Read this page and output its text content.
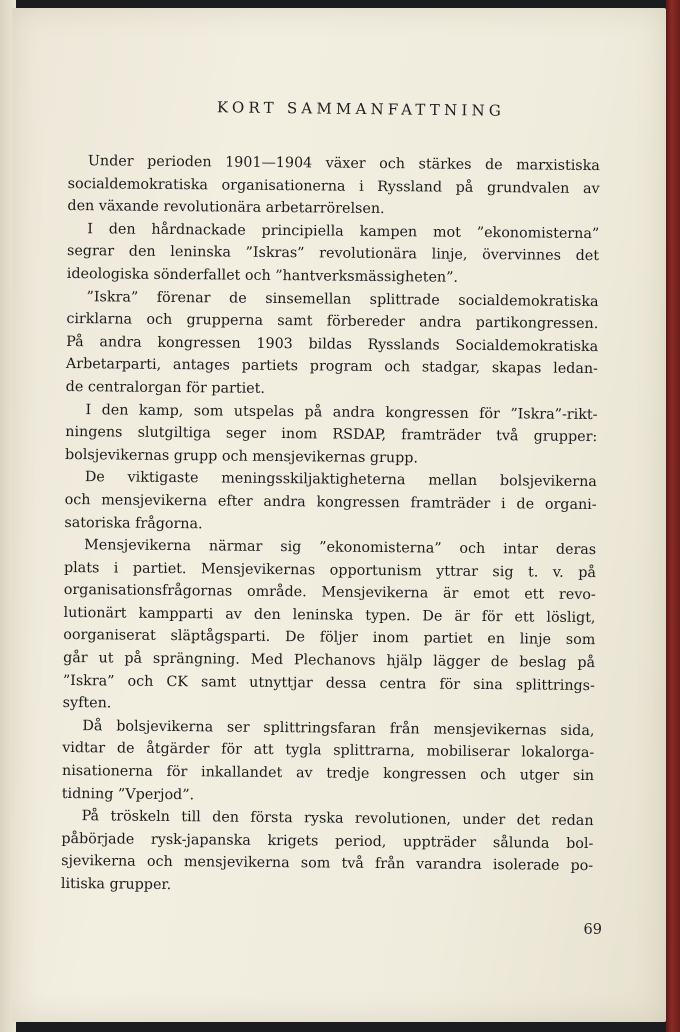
KORT SAMMANFATTNING
Under perioden 1901—1904 växer och stärkes de marxistiska
socialdemokratiska organisationerna i Ryssland på grundvalen av
den växande revolutionära arbetarrörelsen.
I den hårdnackade principiella kampen mot ”ekonomisterna”
segrar den leninska ”Iskras” revolutionära linje, övervinnes det
ideologiska sönderfallet och ”hantverksmässigheten”.
”Iskra” förenar de sinsemellan splittrade socialdemokratiska
cirklarna och grupperna samt förbereder andra partikongressen.
På andra kongressen 1903 bildas Rysslands Socialdemokratiska
Arbetarparti, antages partiets program och stadgar, skapas ledan-
de centralorgan för partiet.
I den kamp, som utspelas på andra kongressen för ”Iskra”-rikt-
ningens slutgiltiga seger inom RSDAP, framträder två grupper:
bolsjevikernas grupp och mensjevikernas grupp.
De viktigaste meningsskiljaktigheterna mellan bolsjevikerna
och mensjevikerna efter andra kongressen framträder i de organi-
satoriska frågorna.
Mensjevikerna närmar sig ”ekonomisterna” och intar deras
plats i partiet. Mensjevikernas opportunism yttrar sig t. v. på
organisationsfrågornas område. Mensjevikerna är emot ett revo-
lutionärt kampparti av den leninska typen. De är för ett lösligt,
oorganiserat släptågsparti. De följer inom partiet en linje som
går ut på sprängning. Med Plechanovs hjälp lägger de beslag på
”Iskra” och CK samt utnyttjar dessa centra för sina splittrings-
syften.
Då bolsjevikerna ser splittringsfaran från mensjevikernas sida,
vidtar de åtgärder för att tygla splittrarna, mobiliserar lokalorga-
nisationerna för inkallandet av tredje kongressen och utger sin
tidning ”Vperjod”.
På tröskeln till den första ryska revolutionen, under det redan
påbörjade rysk-japanska krigets period, uppträder sålunda bol-
sjevikerna och mensjevikerna som två från varandra isolerade po-
litiska grupper.
69
